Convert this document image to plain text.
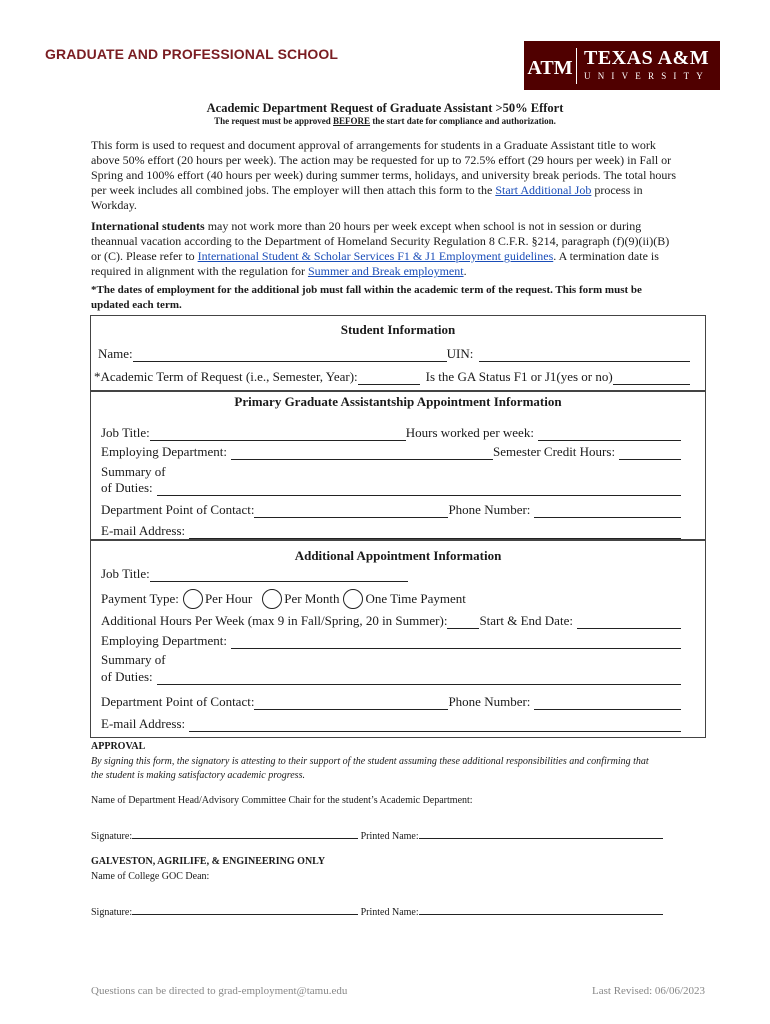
GRADUATE AND PROFESSIONAL SCHOOL
ATM TEXAS A&M
UNIVERSITY
Academic Department Request of Graduate Assistant >50% Effort
The request must be approved BEFORE the start date for compliance and authorization.
This form is used to request and document approval of arrangements for students in a Graduate Assistant title to work above 50% effort (20 hours per week). The action may be requested for up to 72.5% effort (29 hours per week) in Fall or Spring and 100% effort (40 hours per week) during summer terms, holidays, and university break periods. The total hours per week includes all combined jobs. The employer will then attach this form to the Start Additional Job process in Workday.
International students may not work more than 20 hours per week except when school is not in session or during theannual vacation according to the Department of Homeland Security Regulation 8 C.F.R. §214, paragraph (f)(9)(ii)(B) or (C). Please refer to International Student & Scholar Services F1 & J1 Employment guidelines. A termination date is required in alignment with the regulation for Summer and Break employment.
*The dates of employment for the additional job must fall within the academic term of the request. This form must be updated each term.
Student Information
Name:	UIN:
*Academic Term of Request (i.e., Semester, Year):	Is the GA Status F1 or J1(yes or no)
Primary Graduate Assistantship Appointment Information
Job Title:	Hours worked per week:
Employing Department:	Semester Credit Hours:
Summary of
of Duties:
Department Point of Contact:	Phone Number:
E-mail Address:
Additional Appointment Information
Job Title:
Payment Type: Per Hour Per Month One Time Payment
Additional Hours Per Week (max 9 in Fall/Spring, 20 in Summer): Start & End Date:
Employing Department:
Summary of
of Duties:
Department Point of Contact:	Phone Number:
E-mail Address:
APPROVAL
By signing this form, the signatory is attesting to their support of the student assuming these additional responsibilities and confirming that the student is making satisfactory academic progress.
Name of Department Head/Advisory Committee Chair for the student’s Academic Department:
Signature:	Printed Name:
GALVESTON, AGRILIFE, & ENGINEERING ONLY
Name of College GOC Dean:
Signature:	Printed Name:
Questions can be directed to grad-employment@tamu.edu	Last Revised: 06/06/2023
